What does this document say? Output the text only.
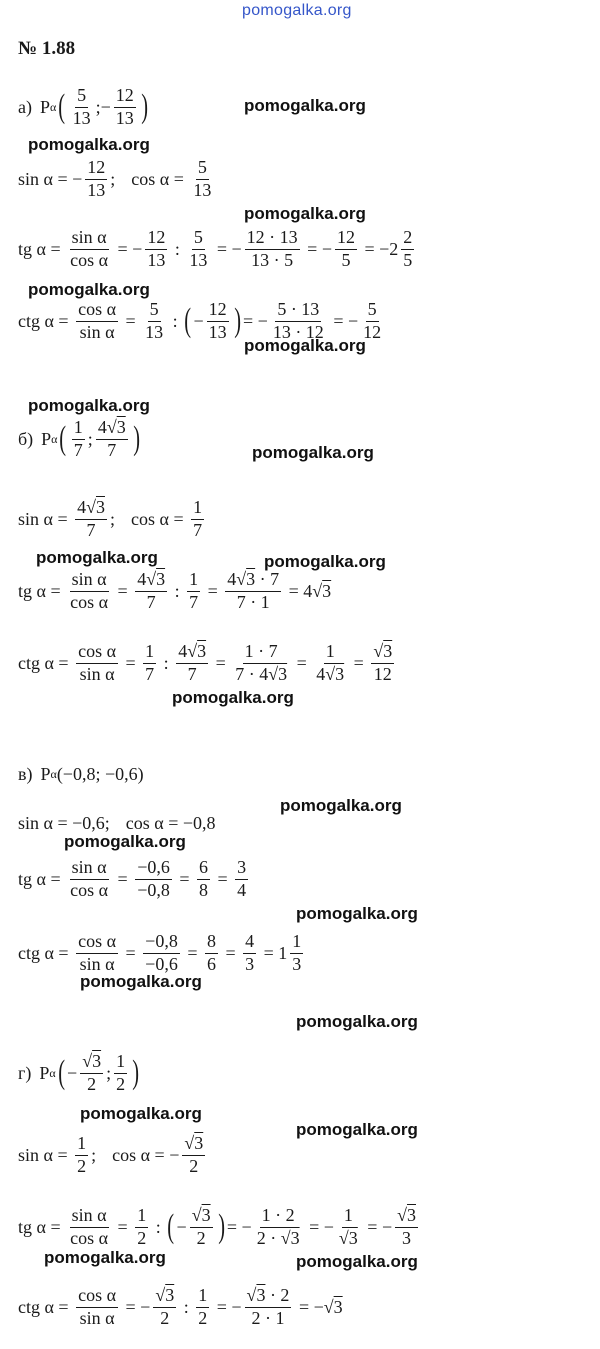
pomogalka.org
pomogalka.org
pomogalka.org
pomogalka.org
pomogalka.org
pomogalka.org
pomogalka.org
pomogalka.org
pomogalka.org	pomogalka.org
pomogalka.org
pomogalka.org
pomogalka.org
pomogalka.org
pomogalka.org
pomogalka.org
pomogalka.org
pomogalka.org
pomogalka.org	pomogalka.org
№ 1.88
а) P α ( $\frac{5}{13}$ ; − $\frac{12}{13}$ )
sin α = − $\frac{12}{13}$ ; $\cos \alpha = \frac{5}{13}$
tg $\alpha = \frac{\text{sin α}}{\text{cos α}}$ = − $\frac{12}{13}$ : $\frac{5}{13}$ = − $\frac{12 \cdot 13}{13 \cdot 5}$ = − $\frac{12}{5} = -2 \frac{2}{5}$
ctg $\alpha = \frac{\text{cos α}}{\text{sin α}} = \frac{5}{13}$ : ( − $\frac{12}{13}$ ) = − $\frac{5 \cdot 13}{13 \cdot 12}$ = − $\frac{5}{12}$
б) P α ( $\frac{1}{7}$ ; $\frac{4√3}{7}$ )
$\sin \alpha = \frac{4√3}{7}$ ; $\cos \alpha = \frac{1}{7}$
tg $\alpha = \frac{\text{sin α}}{\text{cos α}} = \frac{4√3}{7}$ : $\frac{1}{7} = \frac{4√3 \cdot 7}{7 \cdot 1} = 4√$ 3
ctg $\alpha = \frac{\text{cos α}}{\text{sin α}} = \frac{1}{7}$ : $\frac{4√3}{7} = \frac{1 \cdot 7}{7 \cdot 4√3} = \frac{1}{4√3} = \frac{√3}{12}$
в) P α (−0,8; −0,6)
sin α = −0,6; cos α = −0,8
tg $\alpha = \frac{\text{sin α}}{\text{cos α}} = \frac{-0,6}{-0,8} = \frac{6}{8} = \frac{3}{4}$
ctg $\alpha = \frac{\text{cos α}}{\text{sin α}} = \frac{-0,8}{-0,6} = \frac{8}{6} = \frac{4}{3} = 1 \frac{1}{3}$
г) P α ( − $\frac{√3}{2}$ ; $\frac{1}{2}$ )
$\sin \alpha = \frac{1}{2}$ ; cos α = − $\frac{√3}{2}$
tg $\alpha = \frac{\text{sin α}}{\text{cos α}} = \frac{1}{2}$ : ( − $\frac{√3}{2}$ ) = − $\frac{1 \cdot 2}{2 \cdot √3}$ = − $\frac{1}{√3}$ = − $\frac{√3}{3}$
ctg $\alpha = \frac{\text{cos α}}{\text{sin α}}$ = − $\frac{√3}{2}$ : $\frac{1}{2}$ = − $\frac{√3 \cdot 2}{2 \cdot 1}$ = −√ 3
